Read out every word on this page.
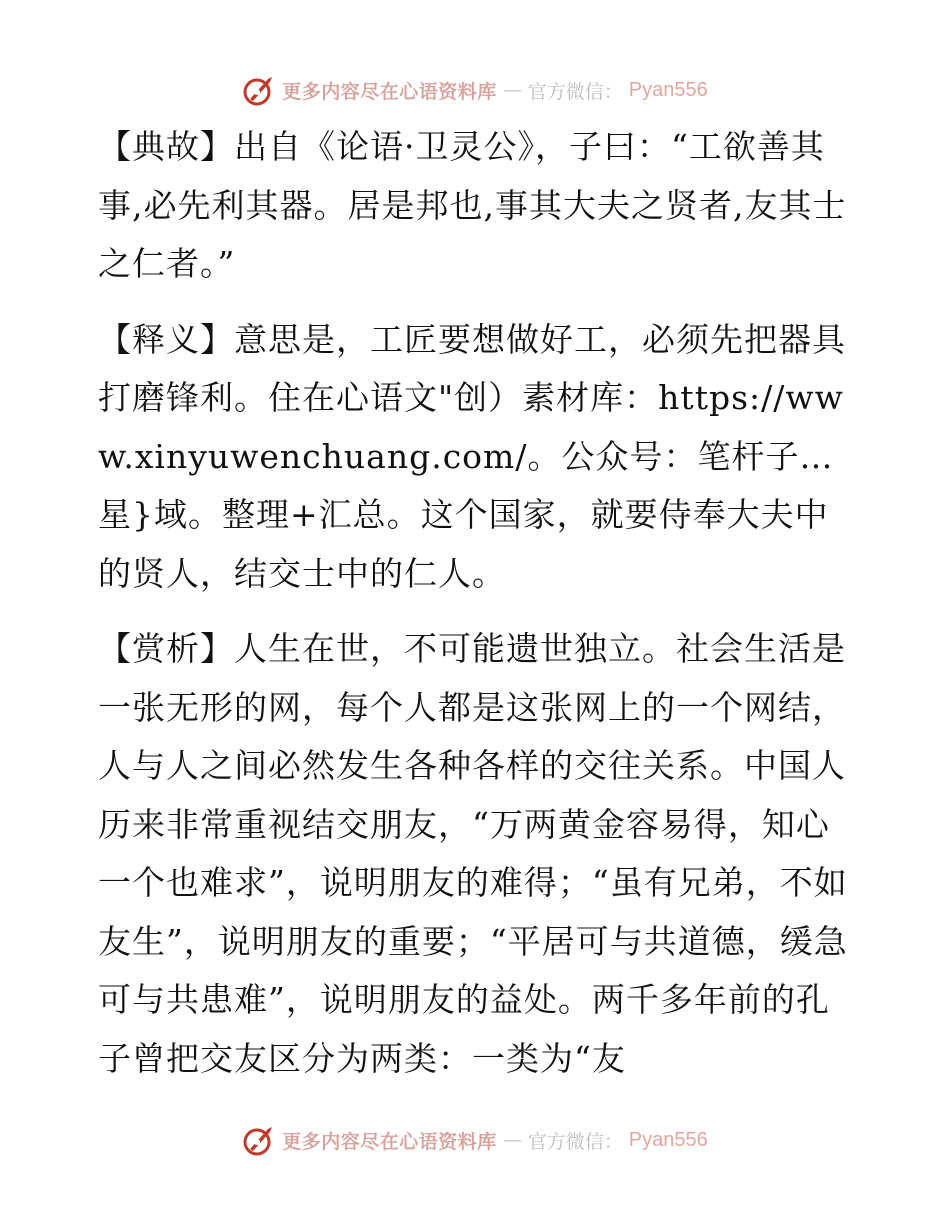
更多内容尽在心语资料库 — 官方微信： Pyan556

【典故】出自《论语·卫灵公》，子曰：“工欲善其事,必先利其器。居是邦也,事其大夫之贤者,友其士之仁者。”

【释义】意思是，工匠要想做好工，必须先把器具打磨锋利。住在心语文"创）素材库：https://www.xinyuwenchuang.com/。公众号：笔杆子…星}域。整理+汇总。这个国家，就要侍奉大夫中的贤人，结交士中的仁人。

【赏析】人生在世，不可能遗世独立。社会生活是一张无形的网，每个人都是这张网上的一个网结，人与人之间必然发生各种各样的交往关系。中国人历来非常重视结交朋友，“万两黄金容易得，知心一个也难求”，说明朋友的难得；“虽有兄弟，不如友生”，说明朋友的重要；“平居可与共道德，缓急可与共患难”，说明朋友的益处。两千多年前的孔子曾把交友区分为两类：一类为“友

更多内容尽在心语资料库 — 官方微信： Pyan556
